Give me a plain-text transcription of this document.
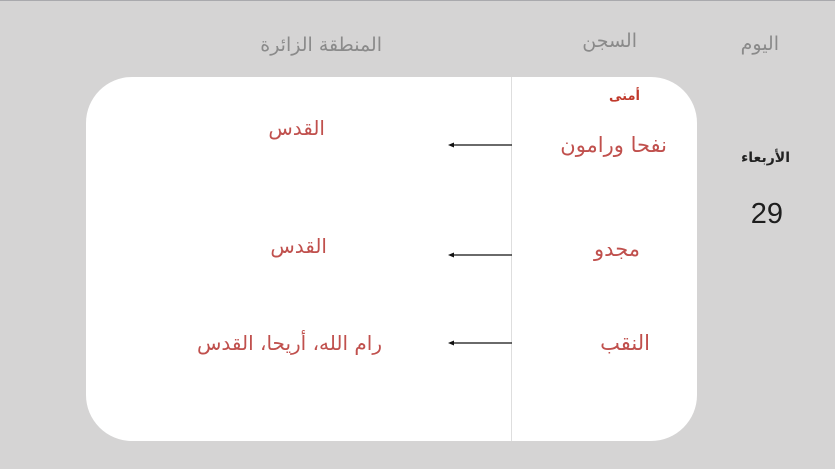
اليوم
السجن
المنطقة الزائرة
الأربعاء
29
أمنى
نفحا ورامون
مجدو
النقب
القدس
القدس
رام الله، أريحا، القدس
